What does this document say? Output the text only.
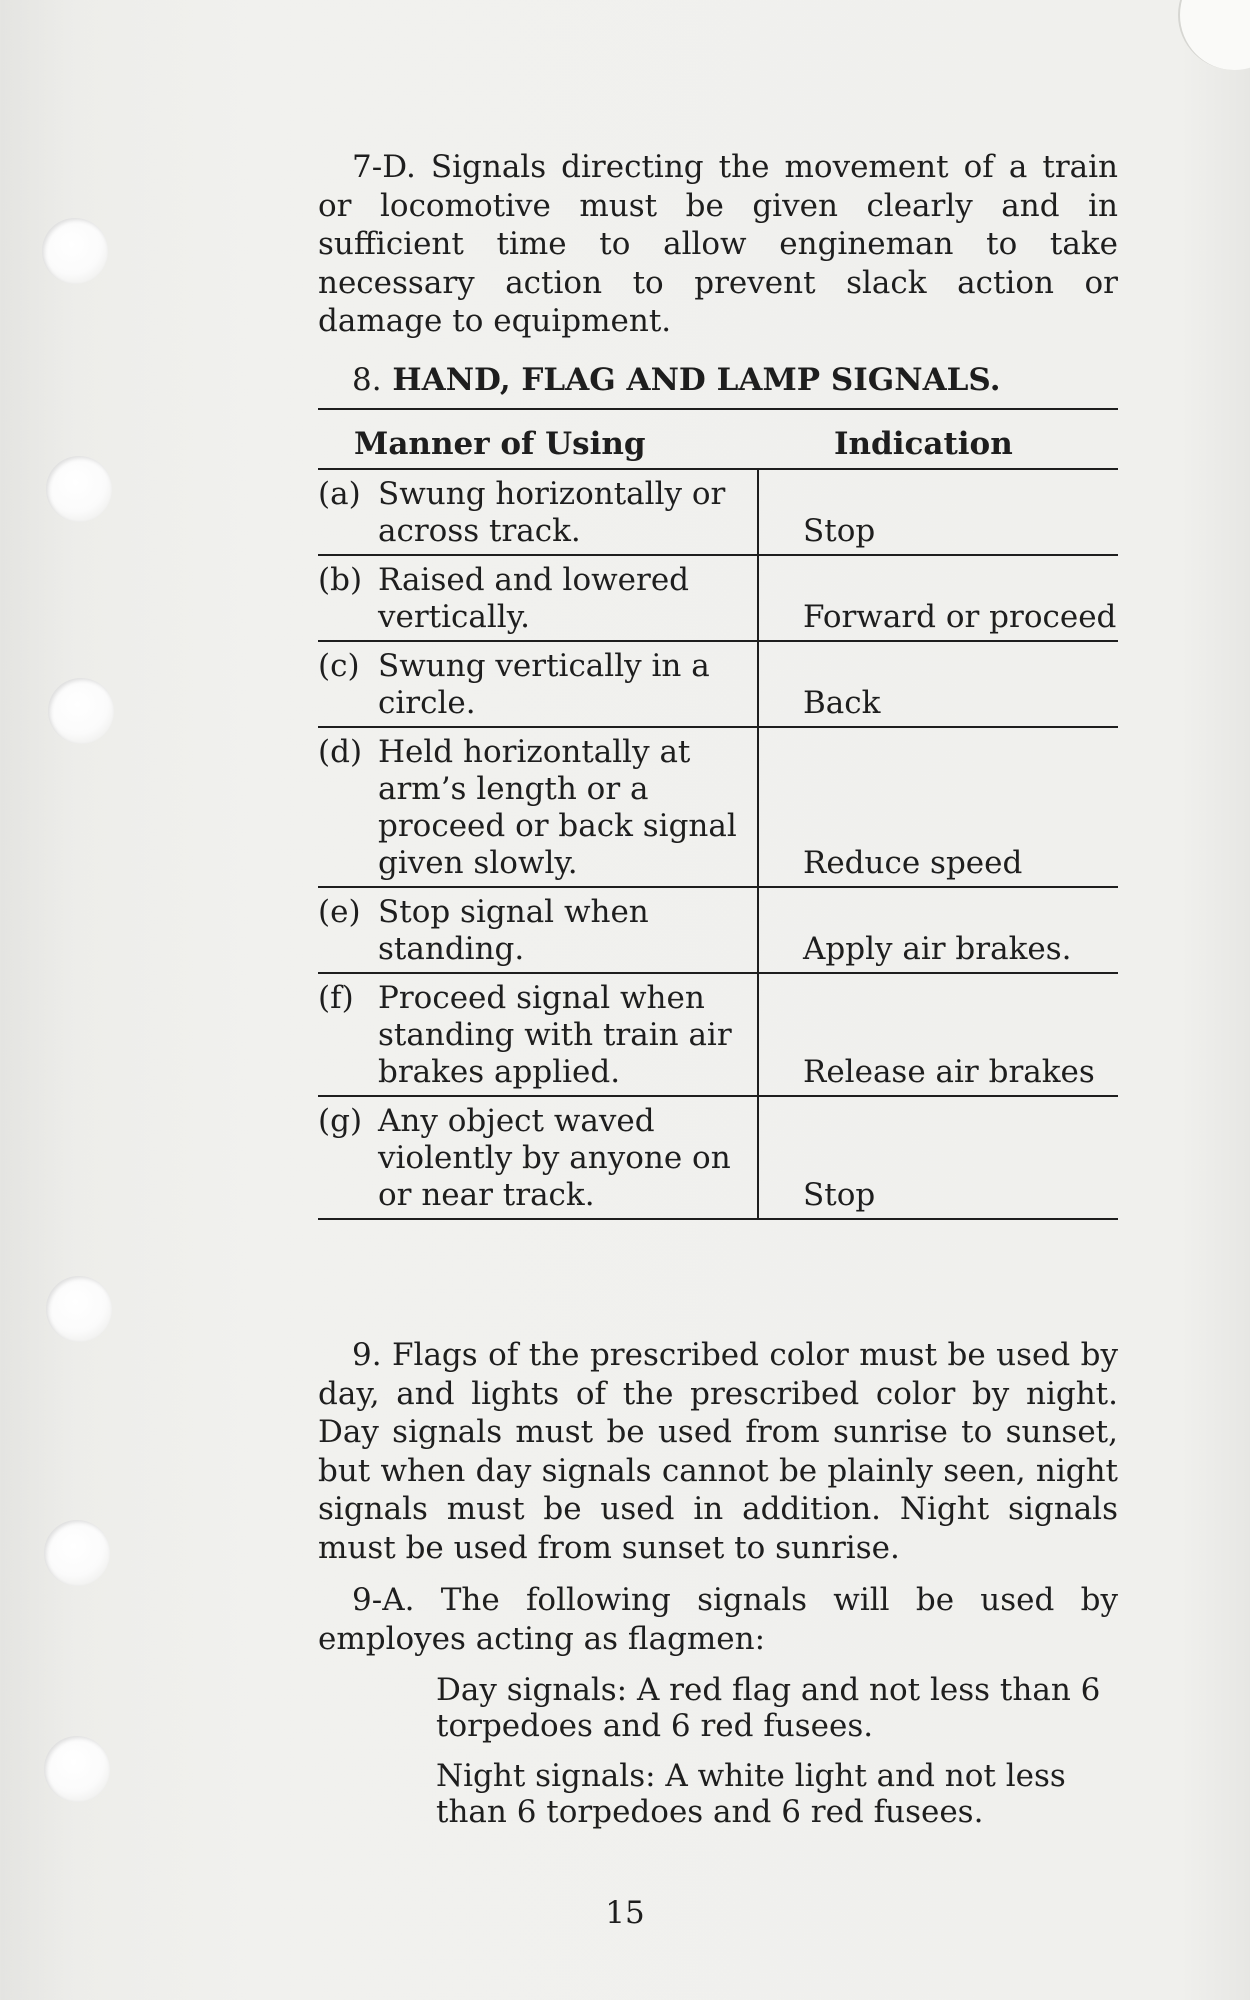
7-D. Signals directing the movement of a train or locomotive must be given clearly and in sufficient time to allow engineman to take necessary action to prevent slack action or damage to equipment.

8. HAND, FLAG AND LAMP SIGNALS.
Manner of Using	Indication

(a) Swung horizontally or across track.	Stop

(b) Raised and lowered vertically.	Forward or proceed

(c) Swung vertically in a circle.	Back

(d) Held horizontally at arm’s length or a proceed or back signal given slowly.	Reduce speed

(e) Stop signal when standing.	Apply air brakes.

(f) Proceed signal when standing with train air brakes applied.	Release air brakes

(g) Any object waved violently by anyone on or near track.	Stop

9. Flags of the prescribed color must be used by day, and lights of the prescribed color by night. Day signals must be used from sunrise to sunset, but when day signals cannot be plainly seen, night signals must be used in addition. Night signals must be used from sunset to sunrise.

9-A. The following signals will be used by employes acting as flagmen:

Day signals: A red flag and not less than 6 torpedoes and 6 red fusees.

Night signals: A white light and not less than 6 torpedoes and 6 red fusees.

15
